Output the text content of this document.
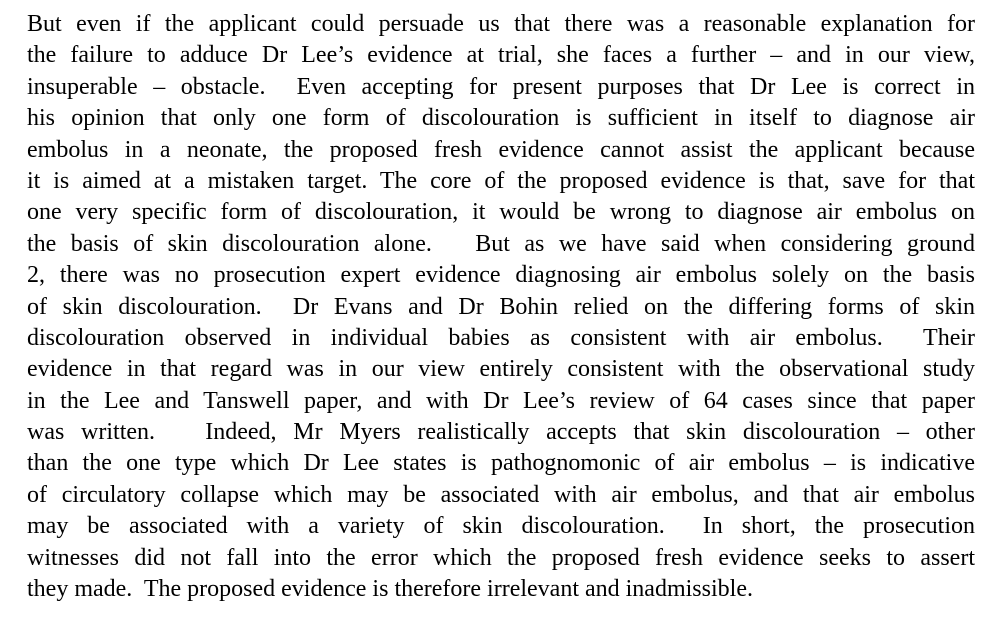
But even if the applicant could persuade us that there was a reasonable explanation for
the failure to adduce Dr Lee’s evidence at trial, she faces a further – and in our view,
insuperable – obstacle.  Even accepting for present purposes that Dr Lee is correct in
his opinion that only one form of discolouration is sufficient in itself to diagnose air
embolus in a neonate, the proposed fresh evidence cannot assist the applicant because
it is aimed at a mistaken target. The core of the proposed evidence is that, save for that
one very specific form of discolouration, it would be wrong to diagnose air embolus on
the basis of skin discolouration alone.   But as we have said when considering ground
2, there was no prosecution expert evidence diagnosing air embolus solely on the basis
of skin discolouration.  Dr Evans and Dr Bohin relied on the differing forms of skin
discolouration observed in individual babies as consistent with air embolus.  Their
evidence in that regard was in our view entirely consistent with the observational study
in the Lee and Tanswell paper, and with Dr Lee’s review of 64 cases since that paper
was written.   Indeed, Mr Myers realistically accepts that skin discolouration – other
than the one type which Dr Lee states is pathognomonic of air embolus – is indicative
of circulatory collapse which may be associated with air embolus, and that air embolus
may be associated with a variety of skin discolouration.  In short, the prosecution
witnesses did not fall into the error which the proposed fresh evidence seeks to assert
they made.  The proposed evidence is therefore irrelevant and inadmissible.
